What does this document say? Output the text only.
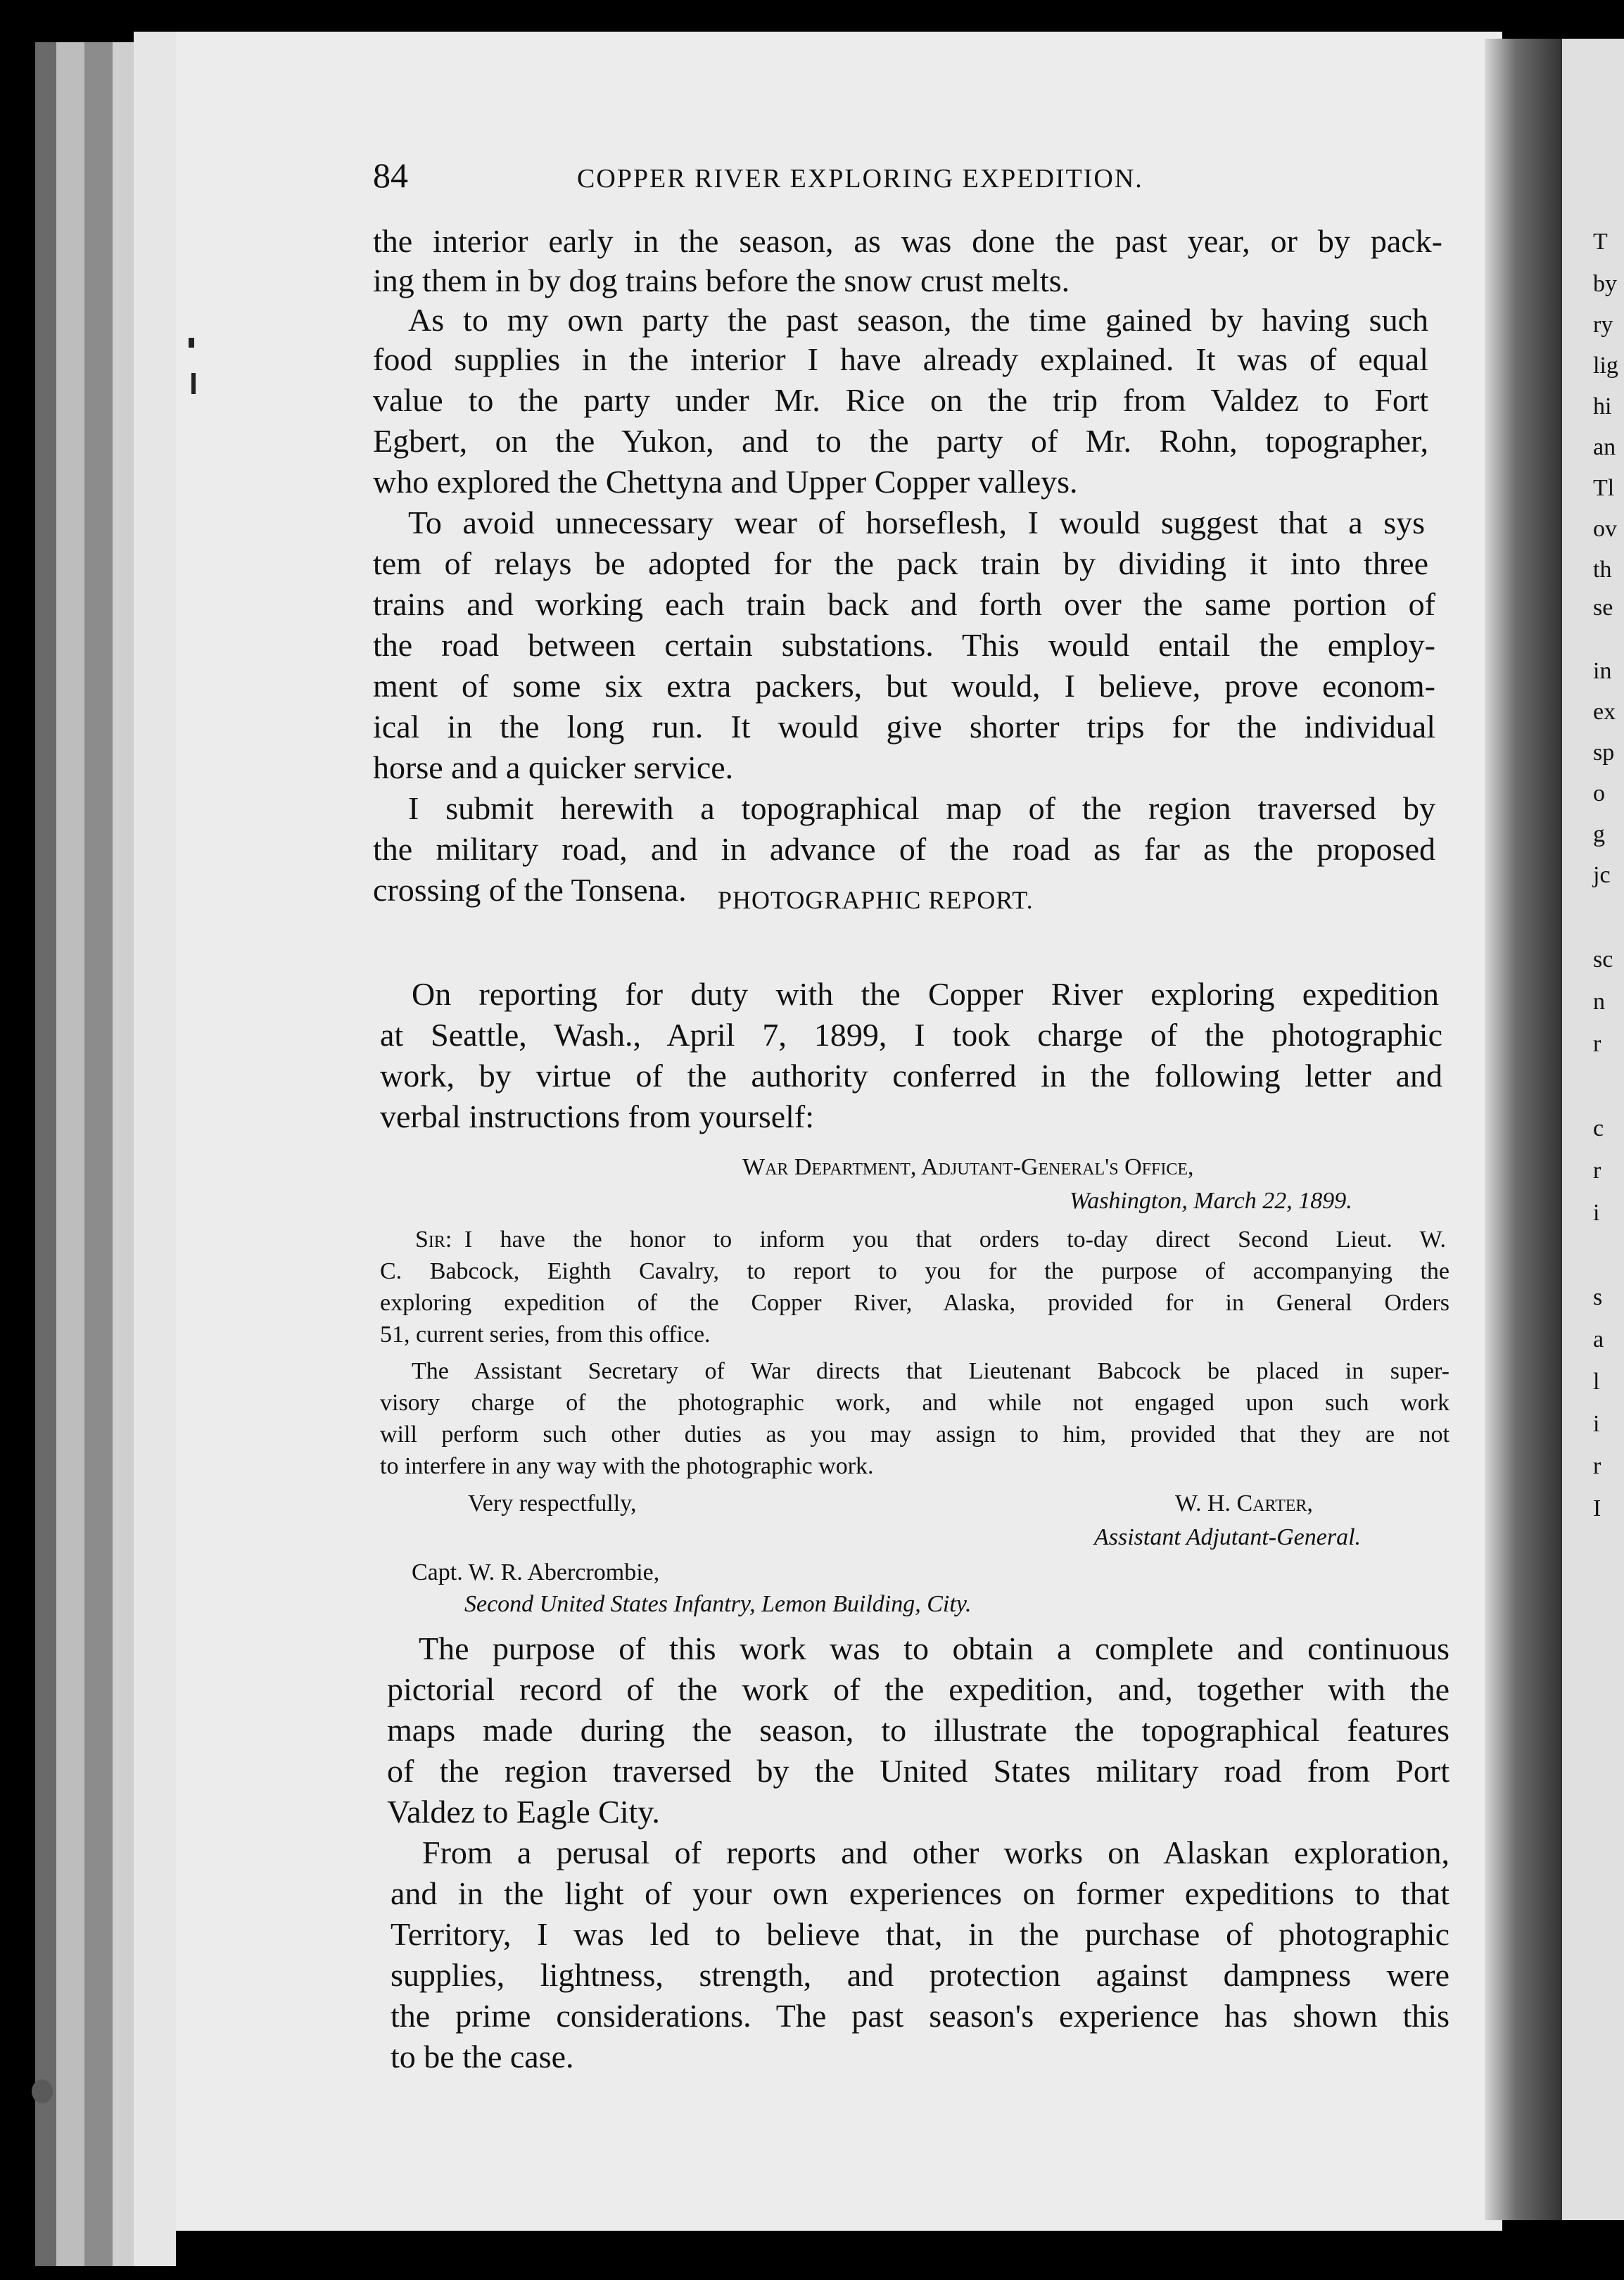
T
by
ry
lig
hi
an
Tl
ov
th
se
in
ex
sp
o
g
jc
sc
n
r
c
r
i
s
a
l
i
r
I
84	COPPER RIVER EXPLORING EXPEDITION.
the interior early in the season, as was done the past year, or by pack-
ing them in by dog trains before the snow crust melts.
As to my own party the past season, the time gained by having such
food supplies in the interior I have already explained. It was of equal
value to the party under Mr. Rice on the trip from Valdez to Fort
Egbert, on the Yukon, and to the party of Mr. Rohn, topographer,
who explored the Chettyna and Upper Copper valleys.
To avoid unnecessary wear of horseflesh, I would suggest that a sys
tem of relays be adopted for the pack train by dividing it into three
trains and working each train back and forth over the same portion of
the road between certain substations. This would entail the employ-
ment of some six extra packers, but would, I believe, prove econom-
ical in the long run. It would give shorter trips for the individual
horse and a quicker service.
I submit herewith a topographical map of the region traversed by
the military road, and in advance of the road as far as the proposed
crossing of the Tonsena.	PHOTOGRAPHIC REPORT.
On reporting for duty with the Copper River exploring expedition
at Seattle, Wash., April 7, 1899, I took charge of the photographic
work, by virtue of the authority conferred in the following letter and
verbal instructions from yourself:
War Department, Adjutant-General's Office,
Washington, March 22, 1899.
Sir: I have the honor to inform you that orders to-day direct Second Lieut. W.
C. Babcock, Eighth Cavalry, to report to you for the purpose of accompanying the
exploring expedition of the Copper River, Alaska, provided for in General Orders
51, current series, from this office.
The Assistant Secretary of War directs that Lieutenant Babcock be placed in super-
visory charge of the photographic work, and while not engaged upon such work
will perform such other duties as you may assign to him, provided that they are not
to interfere in any way with the photographic work.
Very respectfully,	W. H. Carter,
Assistant Adjutant-General.
Capt. W. R. Abercrombie,
Second United States Infantry, Lemon Building, City.
The purpose of this work was to obtain a complete and continuous
pictorial record of the work of the expedition, and, together with the
maps made during the season, to illustrate the topographical features
of the region traversed by the United States military road from Port
Valdez to Eagle City.
From a perusal of reports and other works on Alaskan exploration,
and in the light of your own experiences on former expeditions to that
Territory, I was led to believe that, in the purchase of photographic
supplies, lightness, strength, and protection against dampness were
the prime considerations. The past season's experience has shown this
to be the case.
